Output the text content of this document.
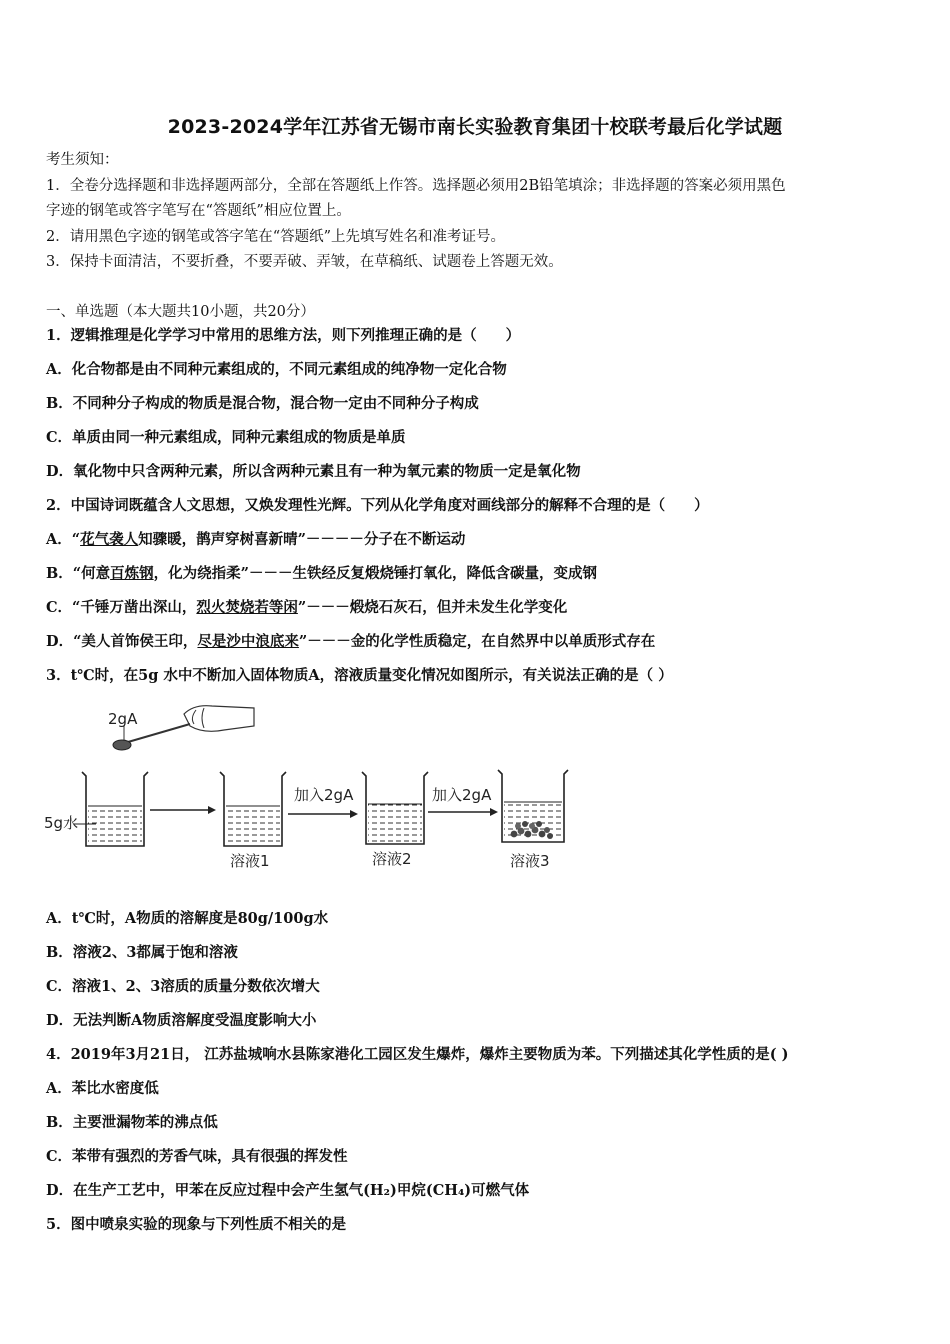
2023-2024学年江苏省无锡市南长实验教育集团十校联考最后化学试题
考生须知：
1．全卷分选择题和非选择题两部分，全部在答题纸上作答。选择题必须用2B铅笔填涂；非选择题的答案必须用黑色
字迹的钢笔或答字笔写在“答题纸”相应位置上。
2．请用黑色字迹的钢笔或答字笔在“答题纸”上先填写姓名和准考证号。
3．保持卡面清洁，不要折叠，不要弄破、弄皱，在草稿纸、试题卷上答题无效。
一、单选题（本大题共10小题，共20分）
1．逻辑推理是化学学习中常用的思维方法，则下列推理正确的是（　　）
A．化合物都是由不同种元素组成的，不同元素组成的纯净物一定化合物
B．不同种分子构成的物质是混合物，混合物一定由不同种分子构成
C．单质由同一种元素组成，同种元素组成的物质是单质
D．氧化物中只含两种元素，所以含两种元素且有一种为氧元素的物质一定是氧化物
2．中国诗词既蕴含人文思想，又焕发理性光辉。下列从化学角度对画线部分的解释不合理的是（　　）
A．“花气袭人知骤暖，鹊声穿树喜新晴”－－－－分子在不断运动
B．“何意百炼钢，化为绕指柔”－－－生铁经反复煅烧锤打氧化，降低含碳量，变成钢
C．“千锤万凿出深山，烈火焚烧若等闲”－－－煅烧石灰石，但并未发生化学变化
D．“美人首饰侯王印，尽是沙中浪底来”－－－金的化学性质稳定，在自然界中以单质形式存在
3．t℃时，在5g 水中不断加入固体物质A，溶液质量变化情况如图所示，有关说法正确的是（ ）
2gA
5g水
溶液1
加入2gA
溶液2
加入2gA
溶液3
A．t℃时，A物质的溶解度是80g/100g水
B．溶液2、3都属于饱和溶液
C．溶液1、2、3溶质的质量分数依次增大
D．无法判断A物质溶解度受温度影响大小
4．2019年3月21日， 江苏盐城响水县陈家港化工园区发生爆炸，爆炸主要物质为苯。下列描述其化学性质的是( )
A．苯比水密度低
B．主要泄漏物苯的沸点低
C．苯带有强烈的芳香气味，具有很强的挥发性
D．在生产工艺中，甲苯在反应过程中会产生氢气(H₂)甲烷(CH₄)可燃气体
5．图中喷泉实验的现象与下列性质不相关的是
